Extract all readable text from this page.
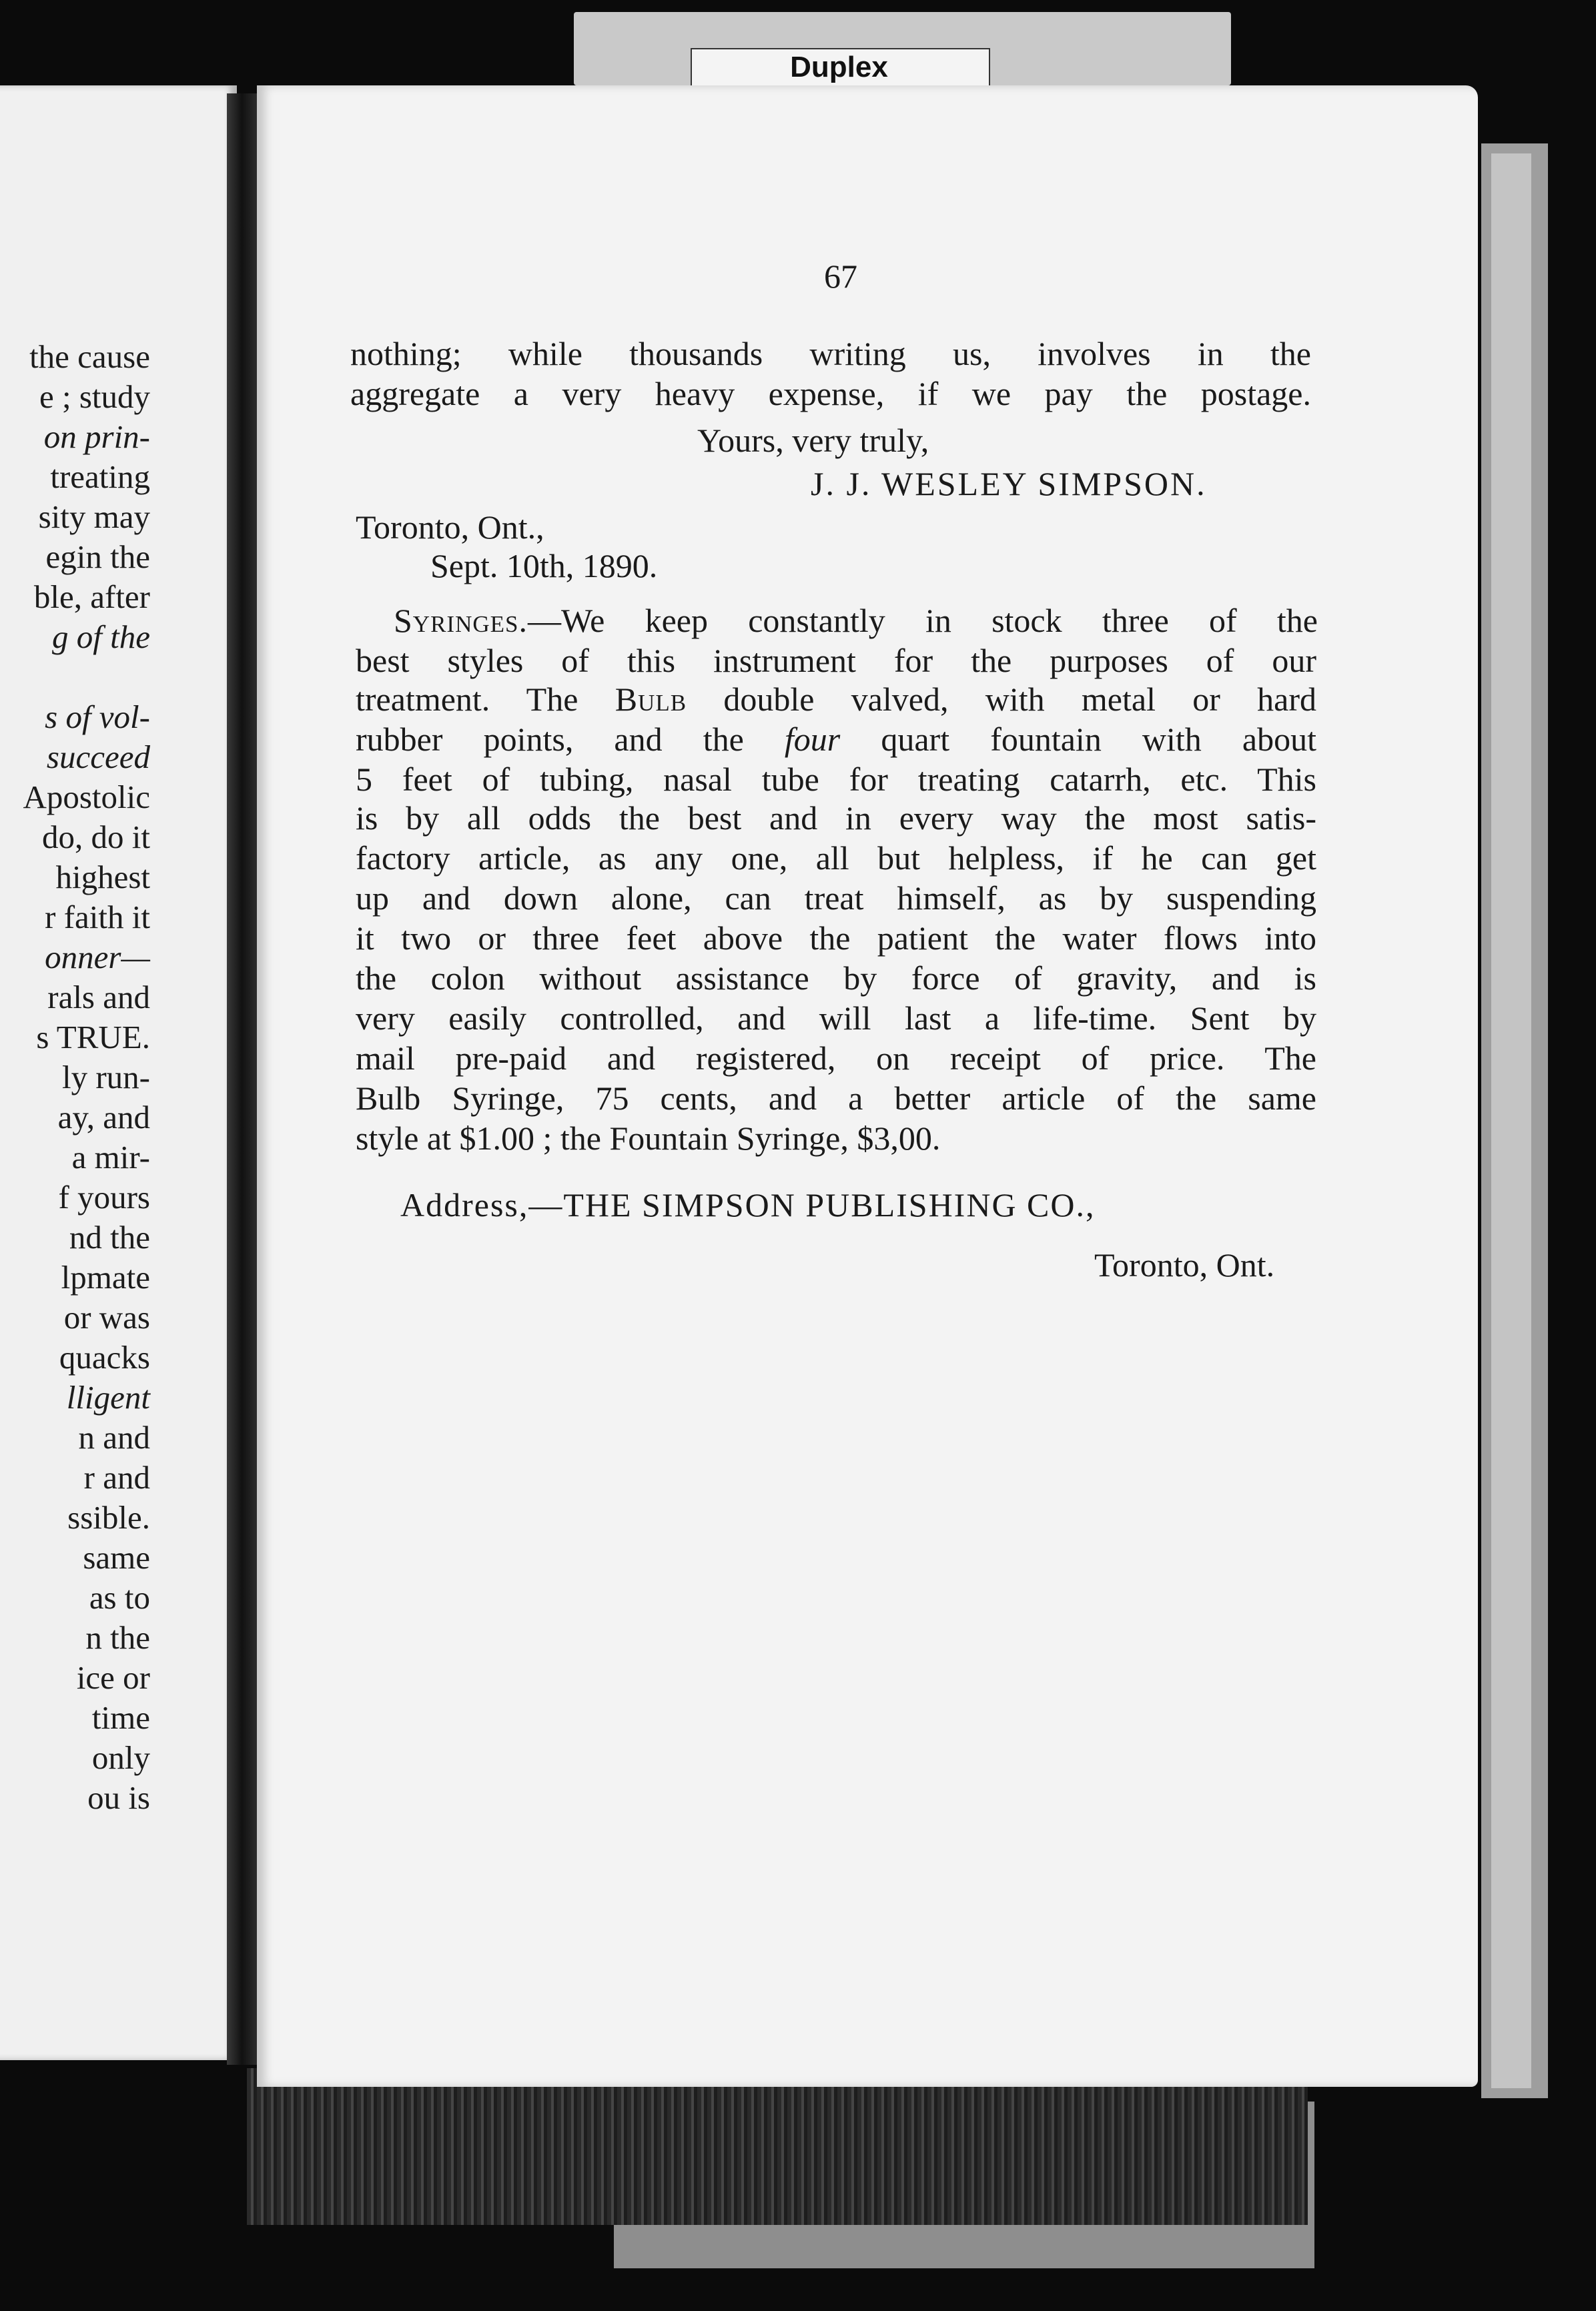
Duplex
the cause
e ; study
on prin-
treating
sity may
egin the
ble, after
g of the
s of vol-
succeed
Apostolic
do, do it
highest
r faith it
onner—
rals and
s TRUE.
ly run-
ay, and
a mir-
f yours
nd the
lpmate
or was
quacks
lligent
n and
r and
ssible.
same
as to
n the
ice or
time
only
ou is
67
nothing; while thousands writing us, involves in the
aggregate a very heavy expense, if we pay the postage.
Yours, very truly,
J. J. WESLEY SIMPSON.
Toronto, Ont.,
Sept. 10th, 1890.
Syringes.—We keep constantly in stock three of the
best styles of this instrument for the purposes of our
treatment. The Bulb double valved, with metal or hard
rubber points, and the four quart fountain with about
5 feet of tubing, nasal tube for treating catarrh, etc. This
is by all odds the best and in every way the most satis-
factory article, as any one, all but helpless, if he can get
up and down alone, can treat himself, as by suspending
it two or three feet above the patient the water flows into
the colon without assistance by force of gravity, and is
very easily controlled, and will last a life-time. Sent by
mail pre-paid and registered, on receipt of price. The
Bulb Syringe, 75 cents, and a better article of the same
style at $1.00 ; the Fountain Syringe, $3,00.
Address,—THE SIMPSON PUBLISHING CO.,
Toronto, Ont.
